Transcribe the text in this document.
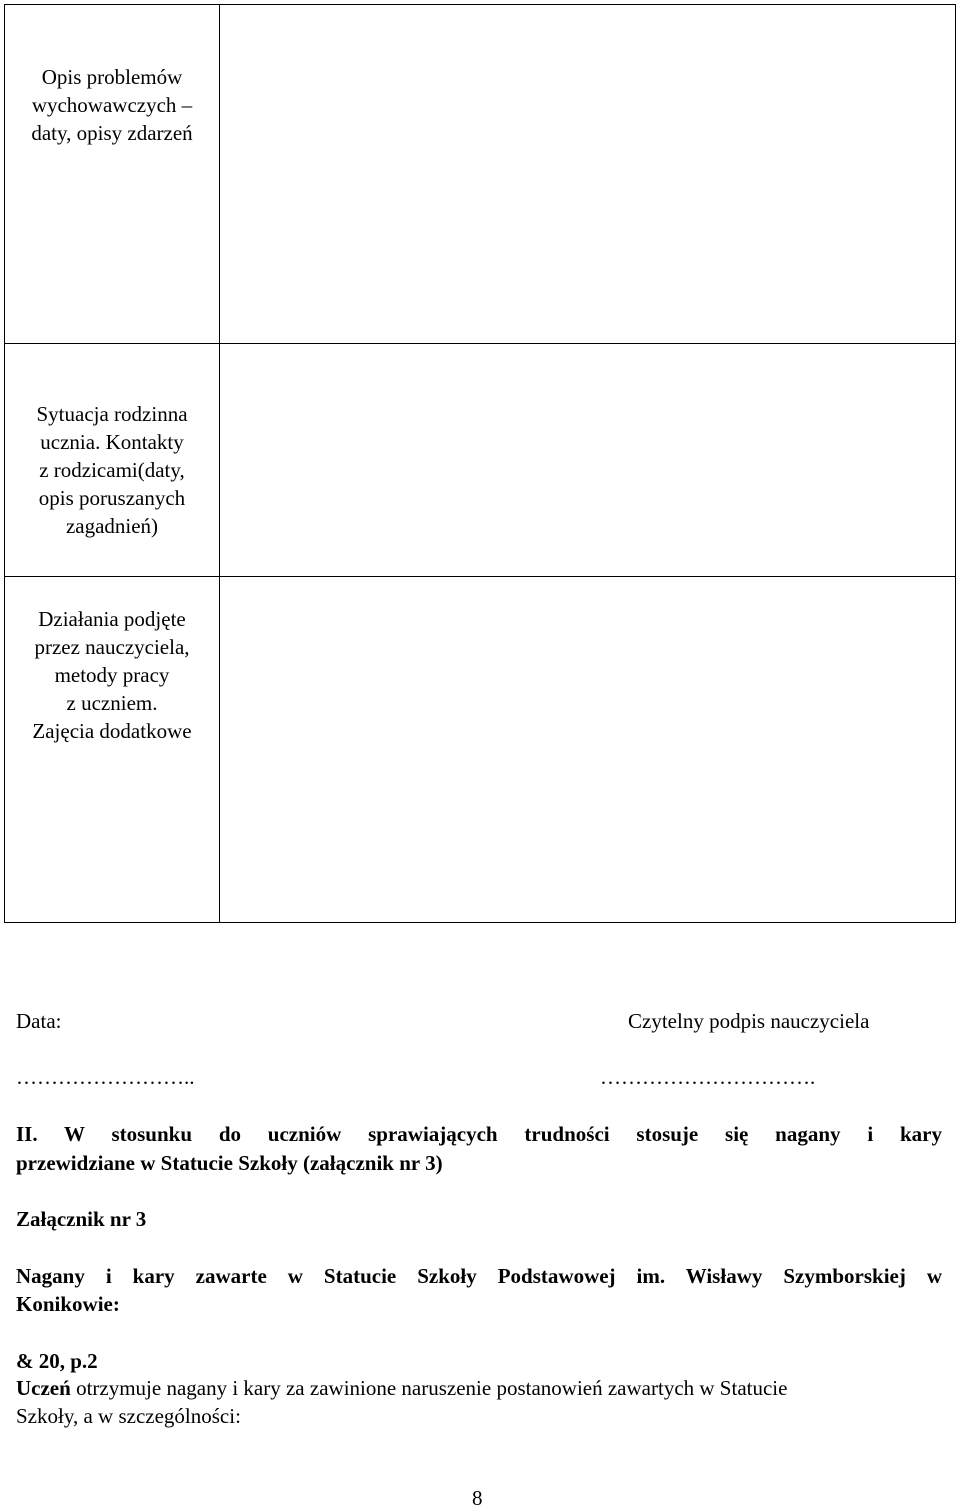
Opis problemów
wychowawczych –
daty, opisy zdarzeń	

Sytuacja rodzinna
ucznia. Kontakty
z rodzicami(daty,
opis poruszanych
zagadnień)	

Działania podjęte
przez nauczyciela,
metody pracy
z uczniem.
Zajęcia dodatkowe	

Data:	Czytelny podpis nauczyciela
……………………..	………………………….
II. W stosunku do uczniów sprawiających trudności stosuje się nagany i kary
przewidziane w Statucie Szkoły (załącznik nr 3)
Załącznik nr 3
Nagany i kary zawarte w Statucie Szkoły Podstawowej im. Wisławy Szymborskiej w
Konikowie:
& 20, p.2
Uczeń otrzymuje nagany i kary za zawinione naruszenie postanowień zawartych w Statucie
Szkoły, a w szczególności:
8
